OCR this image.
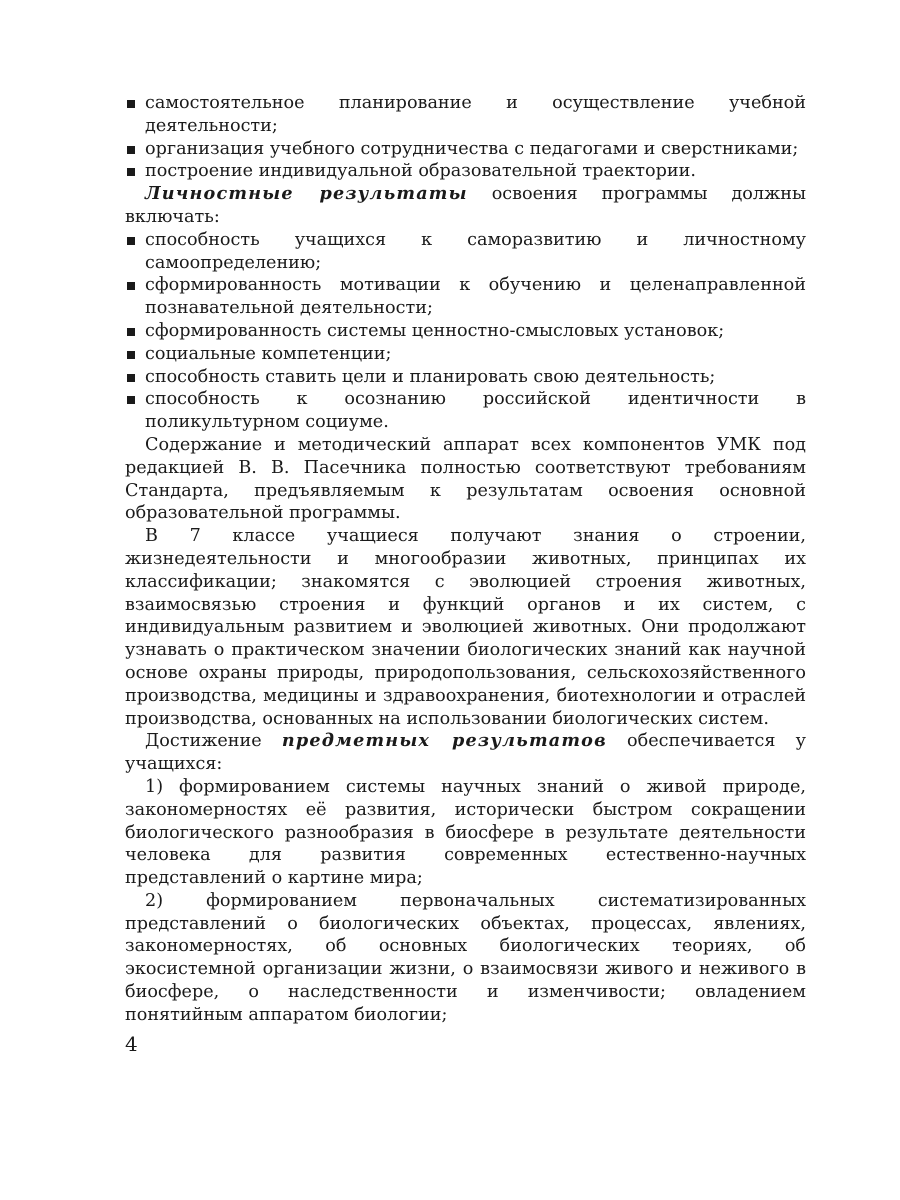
самостоятельное планирование и осуществление учебной деятельности;
организация учебного сотрудничества с педагогами и сверстниками;
построение индивидуальной образовательной траектории.

Личностные результаты освоения программы должны включать:

способность учащихся к саморазвитию и личностному самоопределению;
сформированность мотивации к обучению и целенаправленной познавательной деятельности;
сформированность системы ценностно-смысловых установок;
социальные компетенции;
способность ставить цели и планировать свою деятельность;
способность к осознанию российской идентичности в поликультурном социуме.

Содержание и методический аппарат всех компонентов УМК под редакцией В. В. Пасечника полностью соответствуют требованиям Стандарта, предъявляемым к результатам освоения основной образовательной программы.

В 7 классе учащиеся получают знания о строении, жизнедеятельности и многообразии животных, принципах их классификации; знакомятся с эволюцией строения животных, взаимосвязью строения и функций органов и их систем, с индивидуальным развитием и эволюцией животных. Они продолжают узнавать о практическом значении биологических знаний как научной основе охраны природы, природопользования, сельскохозяйственного производства, медицины и здравоохранения, биотехнологии и отраслей производства, основанных на использовании биологических систем.

Достижение предметных результатов обеспечивается у учащихся:

1) формированием системы научных знаний о живой природе, закономерностях её развития, исторически быстром сокращении биологического разнообразия в биосфере в результате деятельности человека для развития современных естественно-научных представлений о картине мира;

2) формированием первоначальных систематизированных представлений о биологических объектах, процессах, явлениях, закономерностях, об основных биологических теориях, об экосистемной организации жизни, о взаимосвязи живого и неживого в биосфере, о наследственности и изменчивости; овладением понятийным аппаратом биологии;

4
